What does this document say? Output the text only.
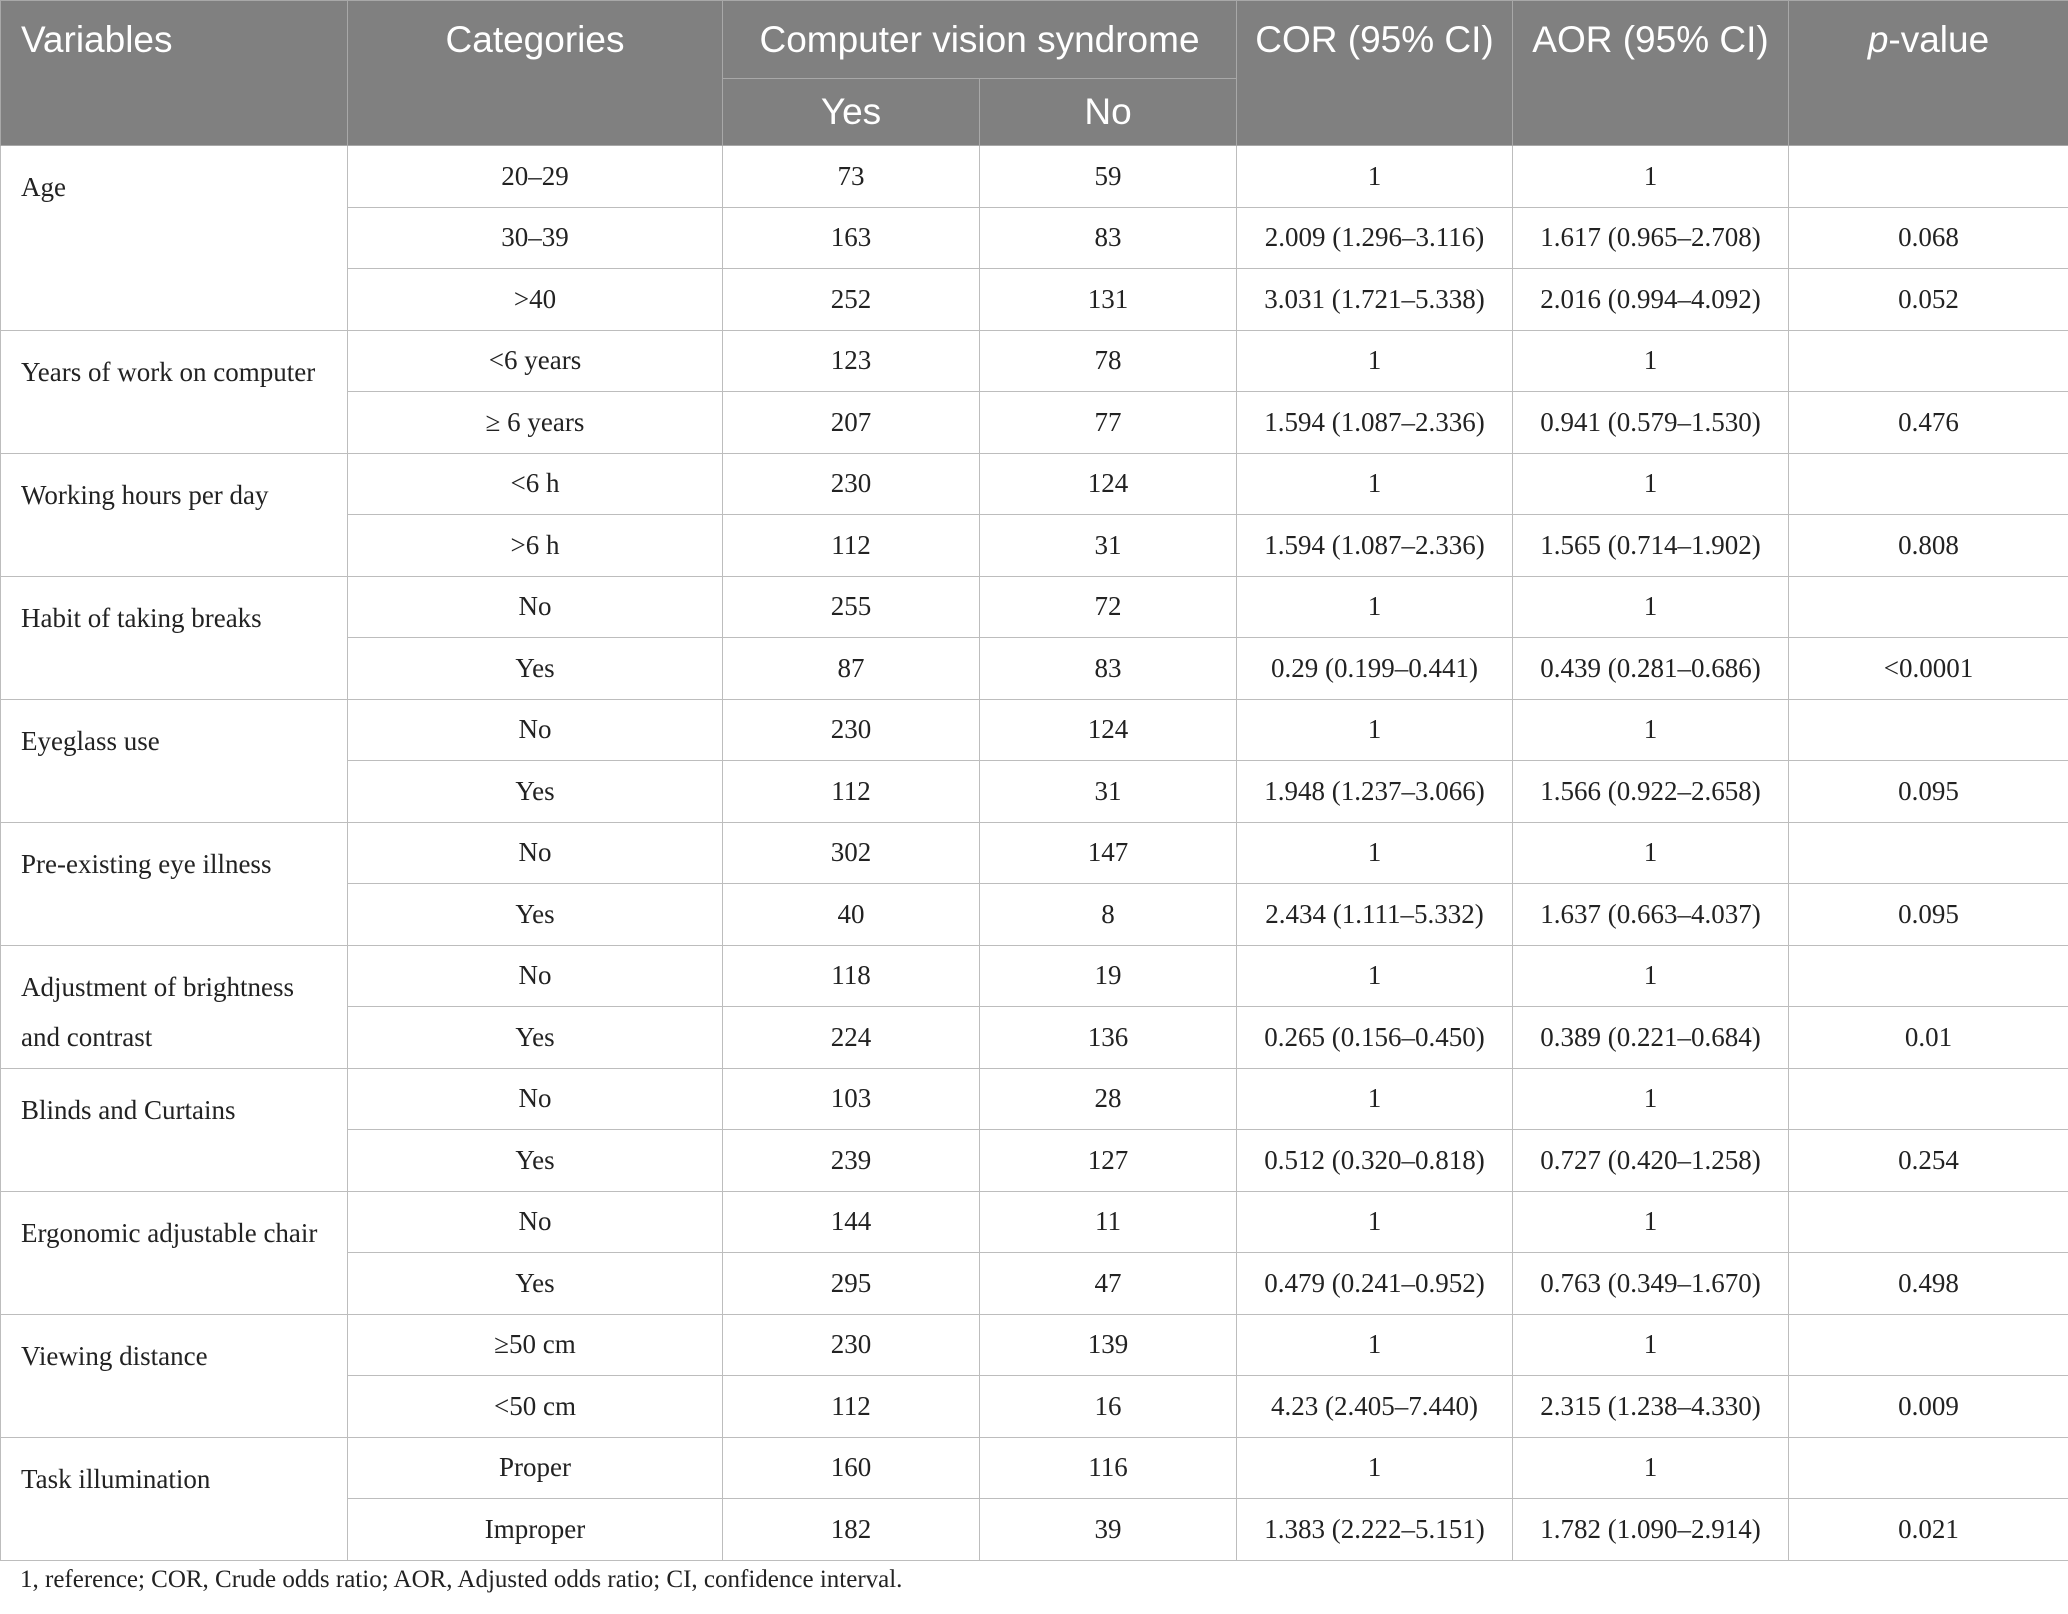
Variables	Categories	Computer vision syndrome		COR (95% CI)	AOR (95% CI)	p-value
		Yes	No			
Age	20–29	73	59	1	1	
	30–39	163	83	2.009 (1.296–3.116)	1.617 (0.965–2.708)	0.068
	>40	252	131	3.031 (1.721–5.338)	2.016 (0.994–4.092)	0.052
Years of work on computer	<6 years	123	78	1	1	
	≥ 6 years	207	77	1.594 (1.087–2.336)	0.941 (0.579–1.530)	0.476
Working hours per day	<6 h	230	124	1	1	
	>6 h	112	31	1.594 (1.087–2.336)	1.565 (0.714–1.902)	0.808
Habit of taking breaks	No	255	72	1	1	
	Yes	87	83	0.29 (0.199–0.441)	0.439 (0.281–0.686)	<0.0001
Eyeglass use	No	230	124	1	1	
	Yes	112	31	1.948 (1.237–3.066)	1.566 (0.922–2.658)	0.095
Pre-existing eye illness	No	302	147	1	1	
	Yes	40	8	2.434 (1.111–5.332)	1.637 (0.663–4.037)	0.095
Adjustment of brightness and contrast	No	118	19	1	1	
	Yes	224	136	0.265 (0.156–0.450)	0.389 (0.221–0.684)	0.01
Blinds and Curtains	No	103	28	1	1	
	Yes	239	127	0.512 (0.320–0.818)	0.727 (0.420–1.258)	0.254
Ergonomic adjustable chair	No	144	11	1	1	
	Yes	295	47	0.479 (0.241–0.952)	0.763 (0.349–1.670)	0.498
Viewing distance	≥50 cm	230	139	1	1	
	<50 cm	112	16	4.23 (2.405–7.440)	2.315 (1.238–4.330)	0.009
Task illumination	Proper	160	116	1	1	
	Improper	182	39	1.383 (2.222–5.151)	1.782 (1.090–2.914)	0.021
1, reference; COR, Crude odds ratio; AOR, Adjusted odds ratio; CI, confidence interval.
